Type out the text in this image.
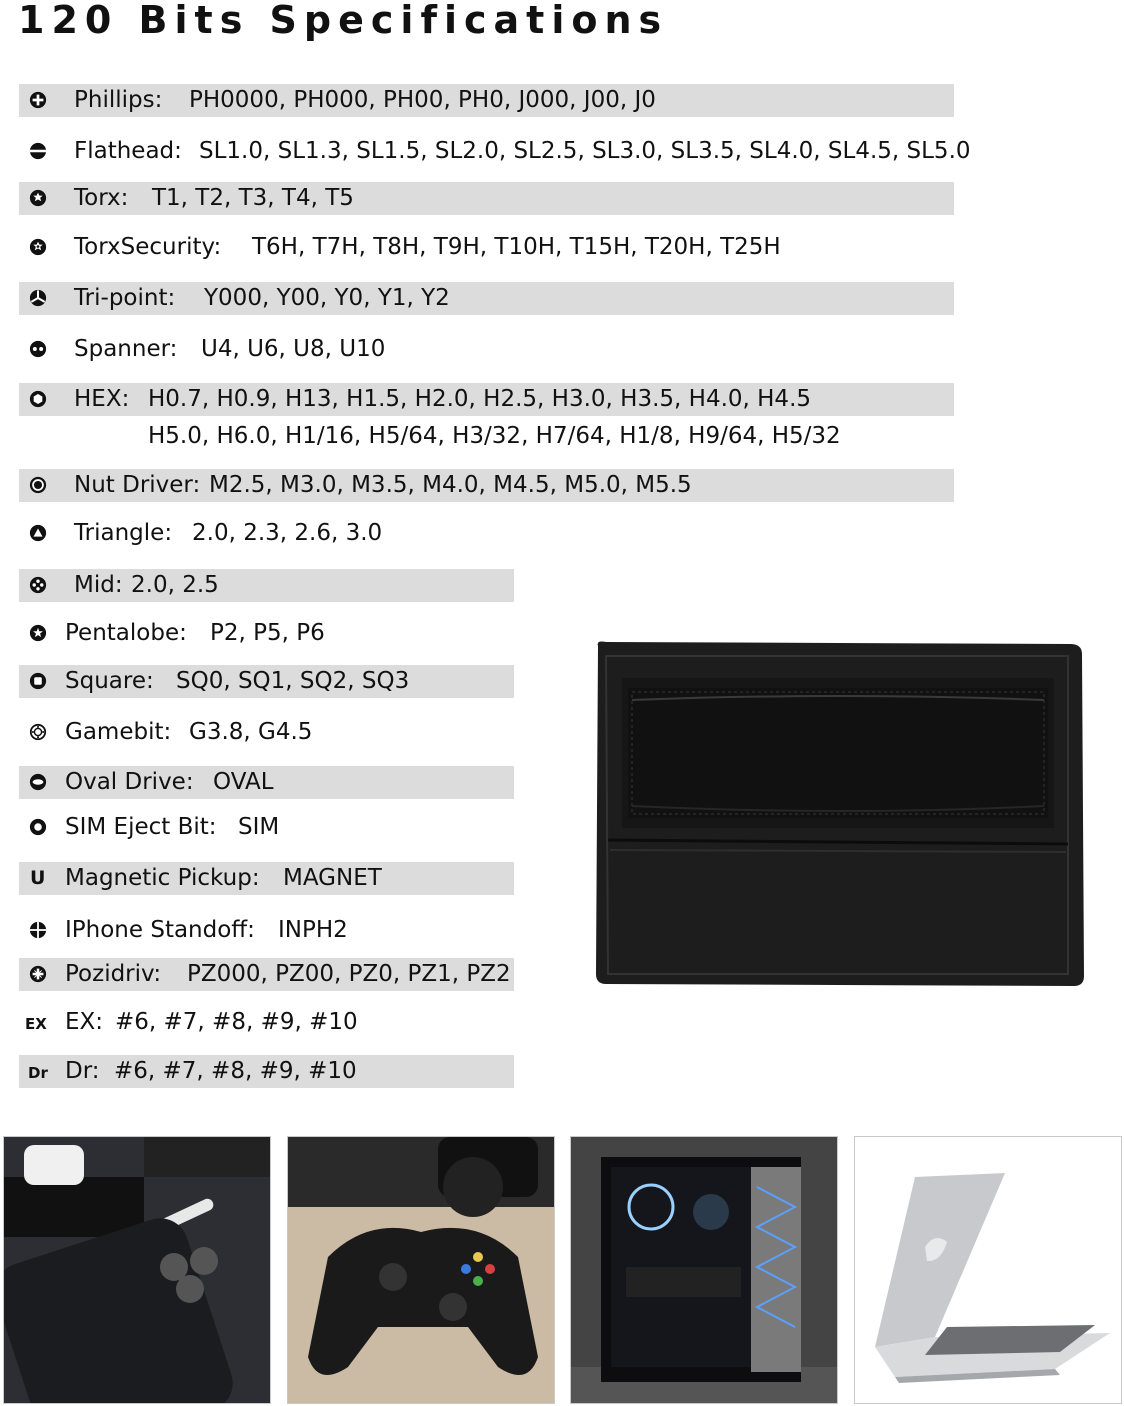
120 Bits Specifications
Phillips: PH0000, PH000, PH00, PH0, J000, J00, J0
Flathead: SL1.0, SL1.3, SL1.5, SL2.0, SL2.5, SL3.0, SL3.5, SL4.0, SL4.5, SL5.0
Torx: T1, T2, T3, T4, T5
TorxSecurity: T6H, T7H, T8H, T9H, T10H, T15H, T20H, T25H
Tri-point: Y000, Y00, Y0, Y1, Y2
Spanner: U4, U6, U8, U10
HEX: H0.7, H0.9, H13, H1.5, H2.0, H2.5, H3.0, H3.5, H4.0, H4.5
H5.0, H6.0, H1/16, H5/64, H3/32, H7/64, H1/8, H9/64, H5/32
Nut Driver: M2.5, M3.0, M3.5, M4.0, M4.5, M5.0, M5.5
Triangle: 2.0, 2.3, 2.6, 3.0
Mid: 2.0, 2.5
Pentalobe: P2, P5, P6
Square: SQ0, SQ1, SQ2, SQ3
Gamebit: G3.8, G4.5
Oval Drive: OVAL
SIM Eject Bit: SIM
U Magnetic Pickup: MAGNET
IPhone Standoff: INPH2
Pozidriv: PZ000, PZ00, PZ0, PZ1, PZ2
EX EX: #6, #7, #8, #9, #10
Dr Dr: #6, #7, #8, #9, #10
